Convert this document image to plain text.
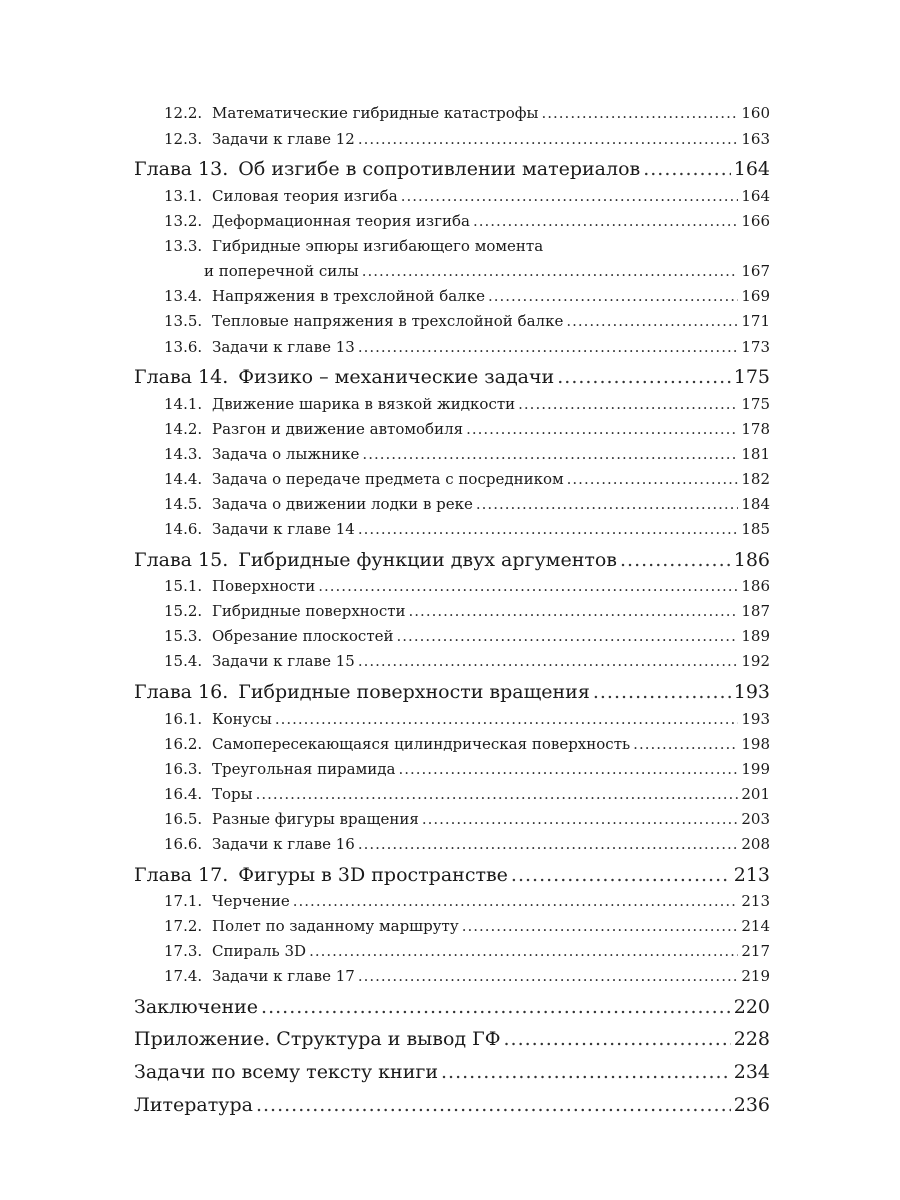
12.2. Математические гибридные катастрофы .....	160
12.3. Задачи к главе 12 .....	163
Глава 13. Об изгибе в сопротивлении материалов .....	164
13.1. Силовая теория изгиба .....	164
13.2. Деформационная теория изгиба .....	166
13.3. Гибридные эпюры изгибающего момента
и поперечной силы .....	167
13.4. Напряжения в трехслойной балке .....	169
13.5. Тепловые напряжения в трехслойной балке .....	171
13.6. Задачи к главе 13 .....	173
Глава 14. Физико – механические задачи .....	175
14.1. Движение шарика в вязкой жидкости .....	175
14.2. Разгон и движение автомобиля .....	178
14.3. Задача о лыжнике .....	181
14.4. Задача о передаче предмета с посредником .....	182
14.5. Задача о движении лодки в реке .....	184
14.6. Задачи к главе 14 .....	185
Глава 15. Гибридные функции двух аргументов .....	186
15.1. Поверхности .....	186
15.2. Гибридные поверхности .....	187
15.3. Обрезание плоскостей .....	189
15.4. Задачи к главе 15 .....	192
Глава 16. Гибридные поверхности вращения .....	193
16.1. Конусы .....	193
16.2. Самопересекающаяся цилиндрическая поверхность .....	198
16.3. Треугольная пирамида .....	199
16.4. Торы .....	201
16.5. Разные фигуры вращения .....	203
16.6. Задачи к главе 16 .....	208
Глава 17. Фигуры в 3D пространстве .....	213
17.1. Черчение .....	213
17.2. Полет по заданному маршруту .....	214
17.3. Спираль 3D .....	217
17.4. Задачи к главе 17 .....	219
Заключение .....	220
Приложение. Структура и вывод ГФ .....	228
Задачи по всему тексту книги .....	234
Литература .....	236
